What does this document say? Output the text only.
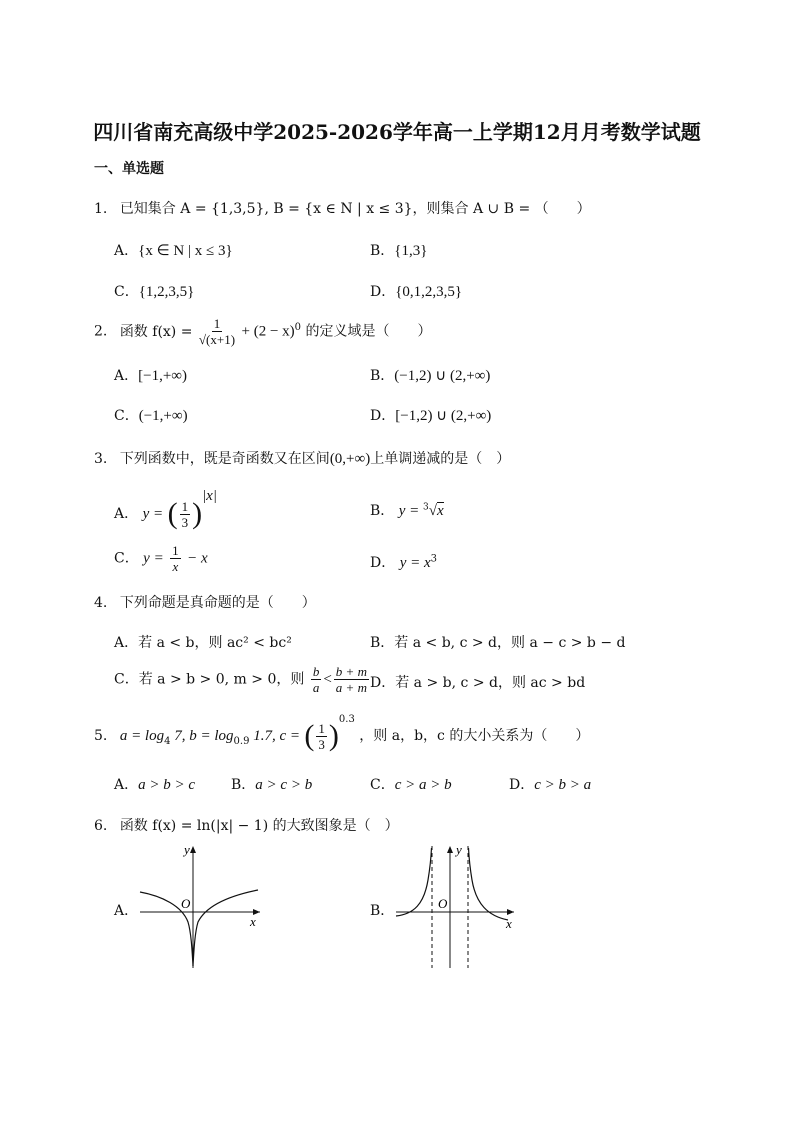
四川省南充高级中学2025-2026学年高一上学期12月月考数学试题
一、单选题
1. 已知集合 A = {1,3,5}, B = {x ∈ N | x ≤ 3}，则集合 A ∪ B = （　　）
A．{x ∈ N | x ≤ 3}	B．{1,3}
C．{1,2,3,5}	D．{0,1,2,3,5}
2. 函数 $f(x) = \frac{1}{√(x+1)} + (2 - x)^0$ 的定义域是（　　）
A．[−1,+∞)	B．(−1,2) ∪ (2,+∞)
C．(−1,+∞)	D．[−1,2) ∪ (2,+∞)
3. 下列函数中，既是奇函数又在区间(0,+∞)上单调递减的是（　）
A． y = ( $\frac{1}{3} )^{|x|}$
B． y = $^3$√x
C． $y = \frac{1}{x} - x$	D． $y = x^3$
4. 下列命题是真命题的是（　　）
A．若 a < b，则 ac² < bc²	B．若 a < b, c > d，则 a − c > b − d
C．若 a > b > 0, m > 0，则 $\frac{b}{a} < \frac{b + m}{a + m}$ D．若 a > b, c > d，则 ac > bd
5. $a = \log_4 7$, $b = \log_{0.9} 1.7$, c = ( $\frac{1}{3} )^{0.3}$ ，则 a，b，c 的大小关系为（　　）
A．a > b > c	B．a > c > b	C．c > a > b	D．c > b > a
6. 函数 f(x) = ln(|x| − 1) 的大致图象是（　）
A．
y
O
x
B．
y
O
x
